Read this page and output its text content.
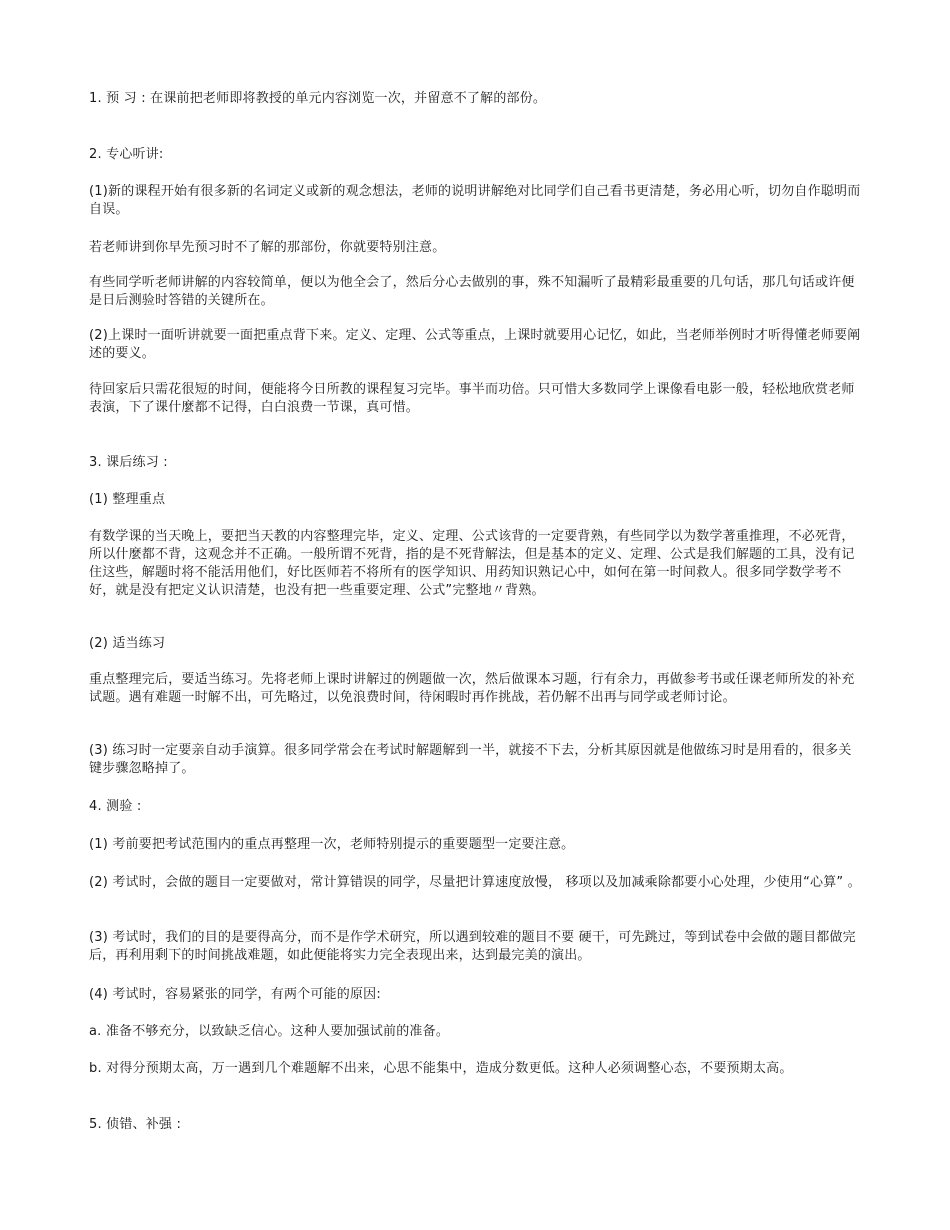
1. 预 习 : 在课前把老师即将教授的单元内容浏览一次，并留意不了解的部份。

2. 专心听讲:

(1)新的课程开始有很多新的名词定义或新的观念想法，老师的说明讲解绝对比同学们自己看书更清楚，务必用心听，切勿自作聪明而自误。

若老师讲到你早先预习时不了解的那部份，你就要特别注意。

有些同学听老师讲解的内容较简单，便以为他全会了，然后分心去做别的事，殊不知漏听了最精彩最重要的几句话，那几句话或许便是日后测验时答错的关键所在。

(2)上课时一面听讲就要一面把重点背下来。定义、定理、公式等重点，上课时就要用心记忆，如此，当老师举例时才听得懂老师要阐述的要义。

待回家后只需花很短的时间，便能将今日所教的课程复习完毕。事半而功倍。只可惜大多数同学上课像看电影一般，轻松地欣赏老师表演，下了课什麼都不记得，白白浪费一节课，真可惜。

3. 课后练习 :

(1) 整理重点

有数学课的当天晚上，要把当天教的内容整理完毕，定义、定理、公式该背的一定要背熟，有些同学以为数学著重推理，不必死背，所以什麼都不背，这观念并不正确。一般所谓不死背，指的是不死背解法，但是基本的定义、定理、公式是我们解题的工具，没有记住这些，解题时将不能活用他们，好比医师若不将所有的医学知识、用药知识熟记心中，如何在第一时间救人。很多同学数学考不好，就是没有把定义认识清楚，也没有把一些重要定理、公式”完整地〃背熟。

(2) 适当练习

重点整理完后，要适当练习。先将老师上课时讲解过的例题做一次，然后做课本习题，行有余力，再做参考书或任课老师所发的补充试题。遇有难题一时解不出，可先略过，以免浪费时间，待闲暇时再作挑战，若仍解不出再与同学或老师讨论。

(3) 练习时一定要亲自动手演算。很多同学常会在考试时解题解到一半，就接不下去，分析其原因就是他做练习时是用看的，很多关键步骤忽略掉了。

4. 测验 :

(1) 考前要把考试范围内的重点再整理一次，老师特别提示的重要题型一定要注意。

(2) 考试时，会做的题目一定要做对，常计算错误的同学，尽量把计算速度放慢， 移项以及加减乘除都要小心处理，少使用“心算” 。

(3) 考试时，我们的目的是要得高分，而不是作学术研究，所以遇到较难的题目不要 硬干，可先跳过，等到试卷中会做的题目都做完后，再利用剩下的时间挑战难题，如此便能将实力完全表现出来，达到最完美的演出。

(4) 考试时，容易紧张的同学，有两个可能的原因:

a. 准备不够充分，以致缺乏信心。这种人要加强试前的准备。

b. 对得分预期太高，万一遇到几个难题解不出来，心思不能集中，造成分数更低。这种人必须调整心态，不要预期太高。

5. 侦错、补强 :
